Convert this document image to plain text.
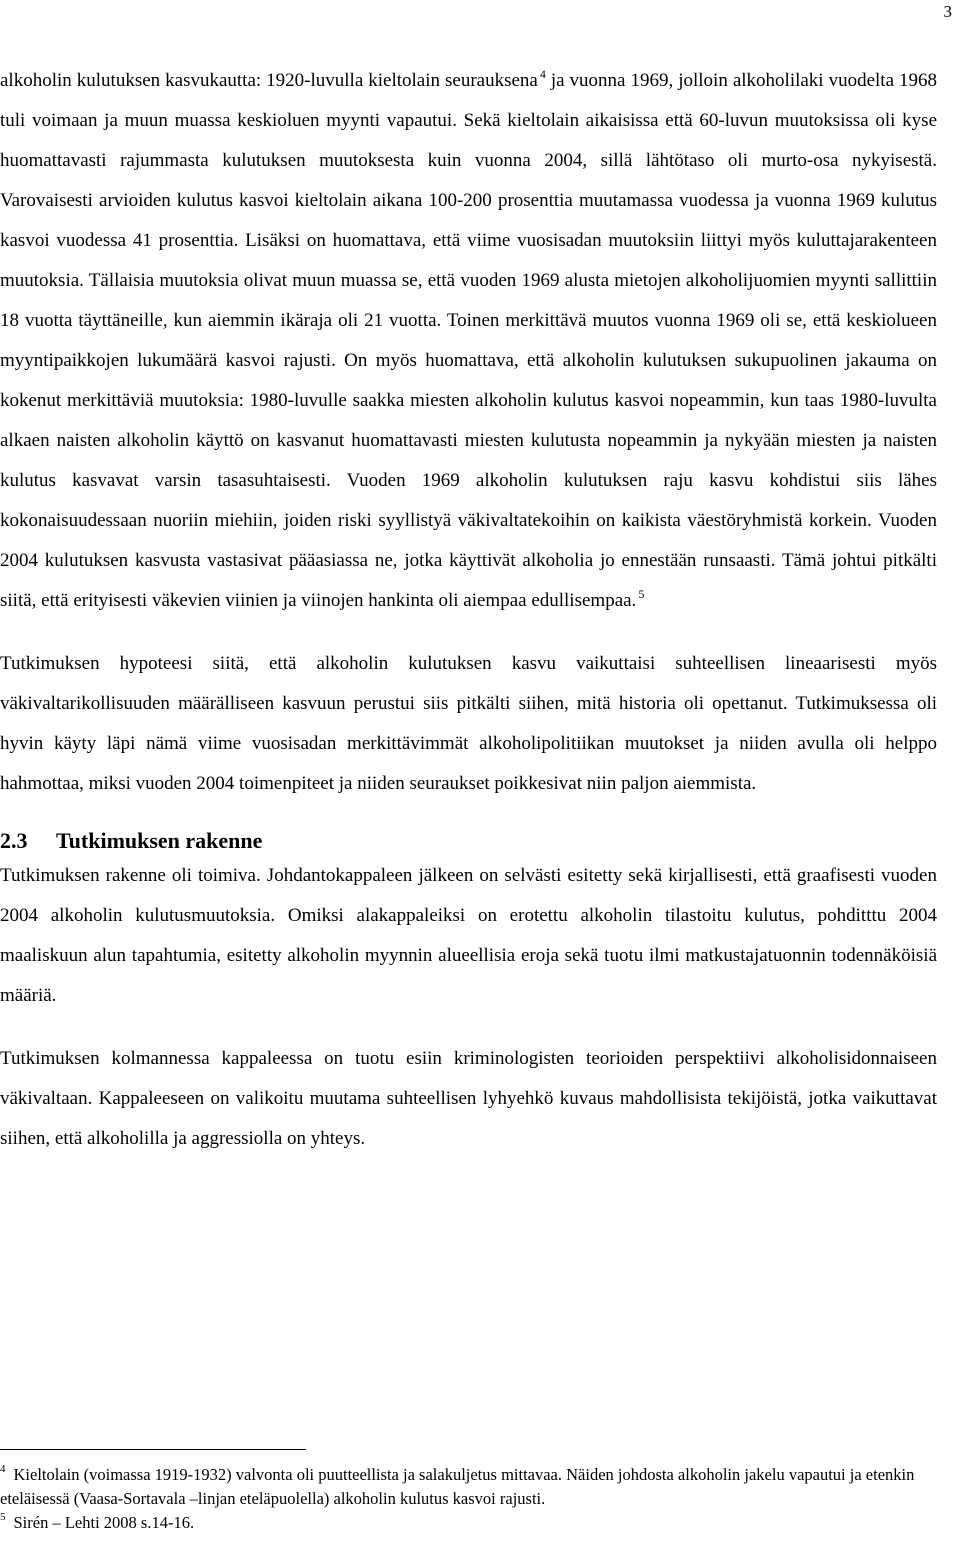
3

alkoholin kulutuksen kasvukautta: 1920-luvulla kieltolain seurauksena $^4$ ja vuonna 1969, jolloin alkoholilaki vuodelta 1968 tuli voimaan ja muun muassa keskioluen myynti vapautui. Sekä kieltolain aikaisissa että 60-luvun muutoksissa oli kyse huomattavasti rajummasta kulutuksen muutoksesta kuin vuonna 2004, sillä lähtötaso oli murto-osa nykyisestä. Varovaisesti arvioiden kulutus kasvoi kieltolain aikana 100-200 prosenttia muutamassa vuodessa ja vuonna 1969 kulutus kasvoi vuodessa 41 prosenttia. Lisäksi on huomattava, että viime vuosisadan muutoksiin liittyi myös kuluttajarakenteen muutoksia. Tällaisia muutoksia olivat muun muassa se, että vuoden 1969 alusta mietojen alkoholijuomien myynti sallittiin 18 vuotta täyttäneille, kun aiemmin ikäraja oli 21 vuotta. Toinen merkittävä muutos vuonna 1969 oli se, että keskiolueen myyntipaikkojen lukumäärä kasvoi rajusti. On myös huomattava, että alkoholin kulutuksen sukupuolinen jakauma on kokenut merkittäviä muutoksia: 1980-luvulle saakka miesten alkoholin kulutus kasvoi nopeammin, kun taas 1980-luvulta alkaen naisten alkoholin käyttö on kasvanut huomattavasti miesten kulutusta nopeammin ja nykyään miesten ja naisten kulutus kasvavat varsin tasasuhtaisesti. Vuoden 1969 alkoholin kulutuksen raju kasvu kohdistui siis lähes kokonaisuudessaan nuoriin miehiin, joiden riski syyllistyä väkivaltatekoihin on kaikista väestöryhmistä korkein. Vuoden 2004 kulutuksen kasvusta vastasivat pääasiassa ne, jotka käyttivät alkoholia jo ennestään runsaasti. Tämä johtui pitkälti siitä, että erityisesti väkevien viinien ja viinojen hankinta oli aiempaa edullisempaa. $^5$

Tutkimuksen hypoteesi siitä, että alkoholin kulutuksen kasvu vaikuttaisi suhteellisen lineaarisesti myös väkivaltarikollisuuden määrälliseen kasvuun perustui siis pitkälti siihen, mitä historia oli opettanut. Tutkimuksessa oli hyvin käyty läpi nämä viime vuosisadan merkittävimmät alkoholipolitiikan muutokset ja niiden avulla oli helppo hahmottaa, miksi vuoden 2004 toimenpiteet ja niiden seuraukset poikkesivat niin paljon aiemmista.

2.3 Tutkimuksen rakenne

Tutkimuksen rakenne oli toimiva. Johdantokappaleen jälkeen on selvästi esitetty sekä kirjallisesti, että graafisesti vuoden 2004 alkoholin kulutusmuutoksia. Omiksi alakappaleiksi on erotettu alkoholin tilastoitu kulutus, pohditttu 2004 maaliskuun alun tapahtumia, esitetty alkoholin myynnin alueellisia eroja sekä tuotu ilmi matkustajatuonnin todennäköisiä määriä.

Tutkimuksen kolmannessa kappaleessa on tuotu esiin kriminologisten teorioiden perspektiivi alkoholisidonnaiseen väkivaltaan. Kappaleeseen on valikoitu muutama suhteellisen lyhyehkö kuvaus mahdollisista tekijöistä, jotka vaikuttavat siihen, että alkoholilla ja aggressiolla on yhteys.

$^4$ Kieltolain (voimassa 1919-1932) valvonta oli puutteellista ja salakuljetus mittavaa. Näiden johdosta alkoholin jakelu vapautui ja etenkin eteläisessä (Vaasa-Sortavala –linjan eteläpuolella) alkoholin kulutus kasvoi rajusti.

$^5$ Sirén – Lehti 2008 s.14-16.
